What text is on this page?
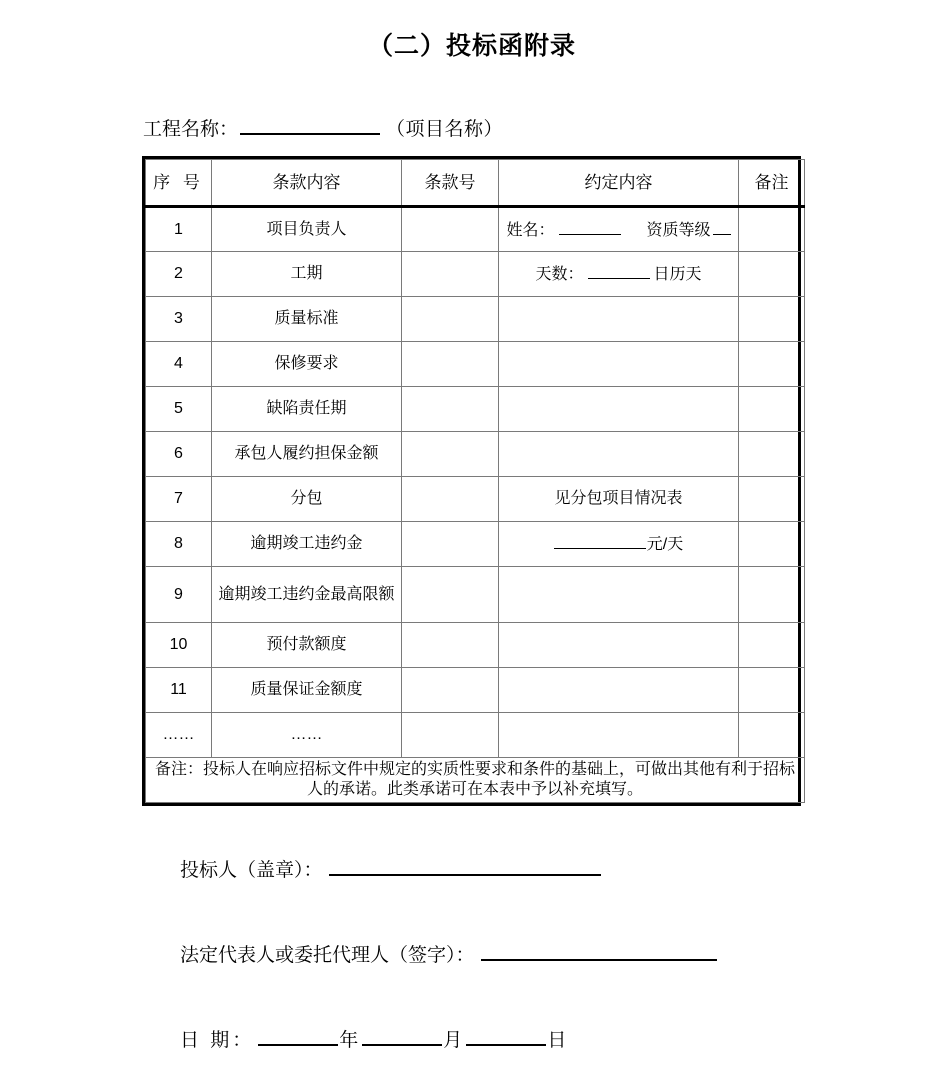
（二）投标函附录
工程名称：	（项目名称）
序 号	条款内容	条款号	约定内容	备注
1	项目负责人		姓名： 资质等级	

2	工期		天数： 日历天	

3	质量标准			
4	保修要求			
5	缺陷责任期			
6	承包人履约担保金额			
7	分包		见分包项目情况表	
8	逾期竣工违约金		元/天	

9	逾期竣工违约金最高限额			
10	预付款额度			
11	质量保证金额度			
……	……			
备注：投标人在响应招标文件中规定的实质性要求和条件的基础上，可做出其他有利于招标人的承诺。此类承诺可在本表中予以补充填写。				
投标人（盖章）：
法定代表人或委托代理人（签字）：
日 期：	年	月	日
